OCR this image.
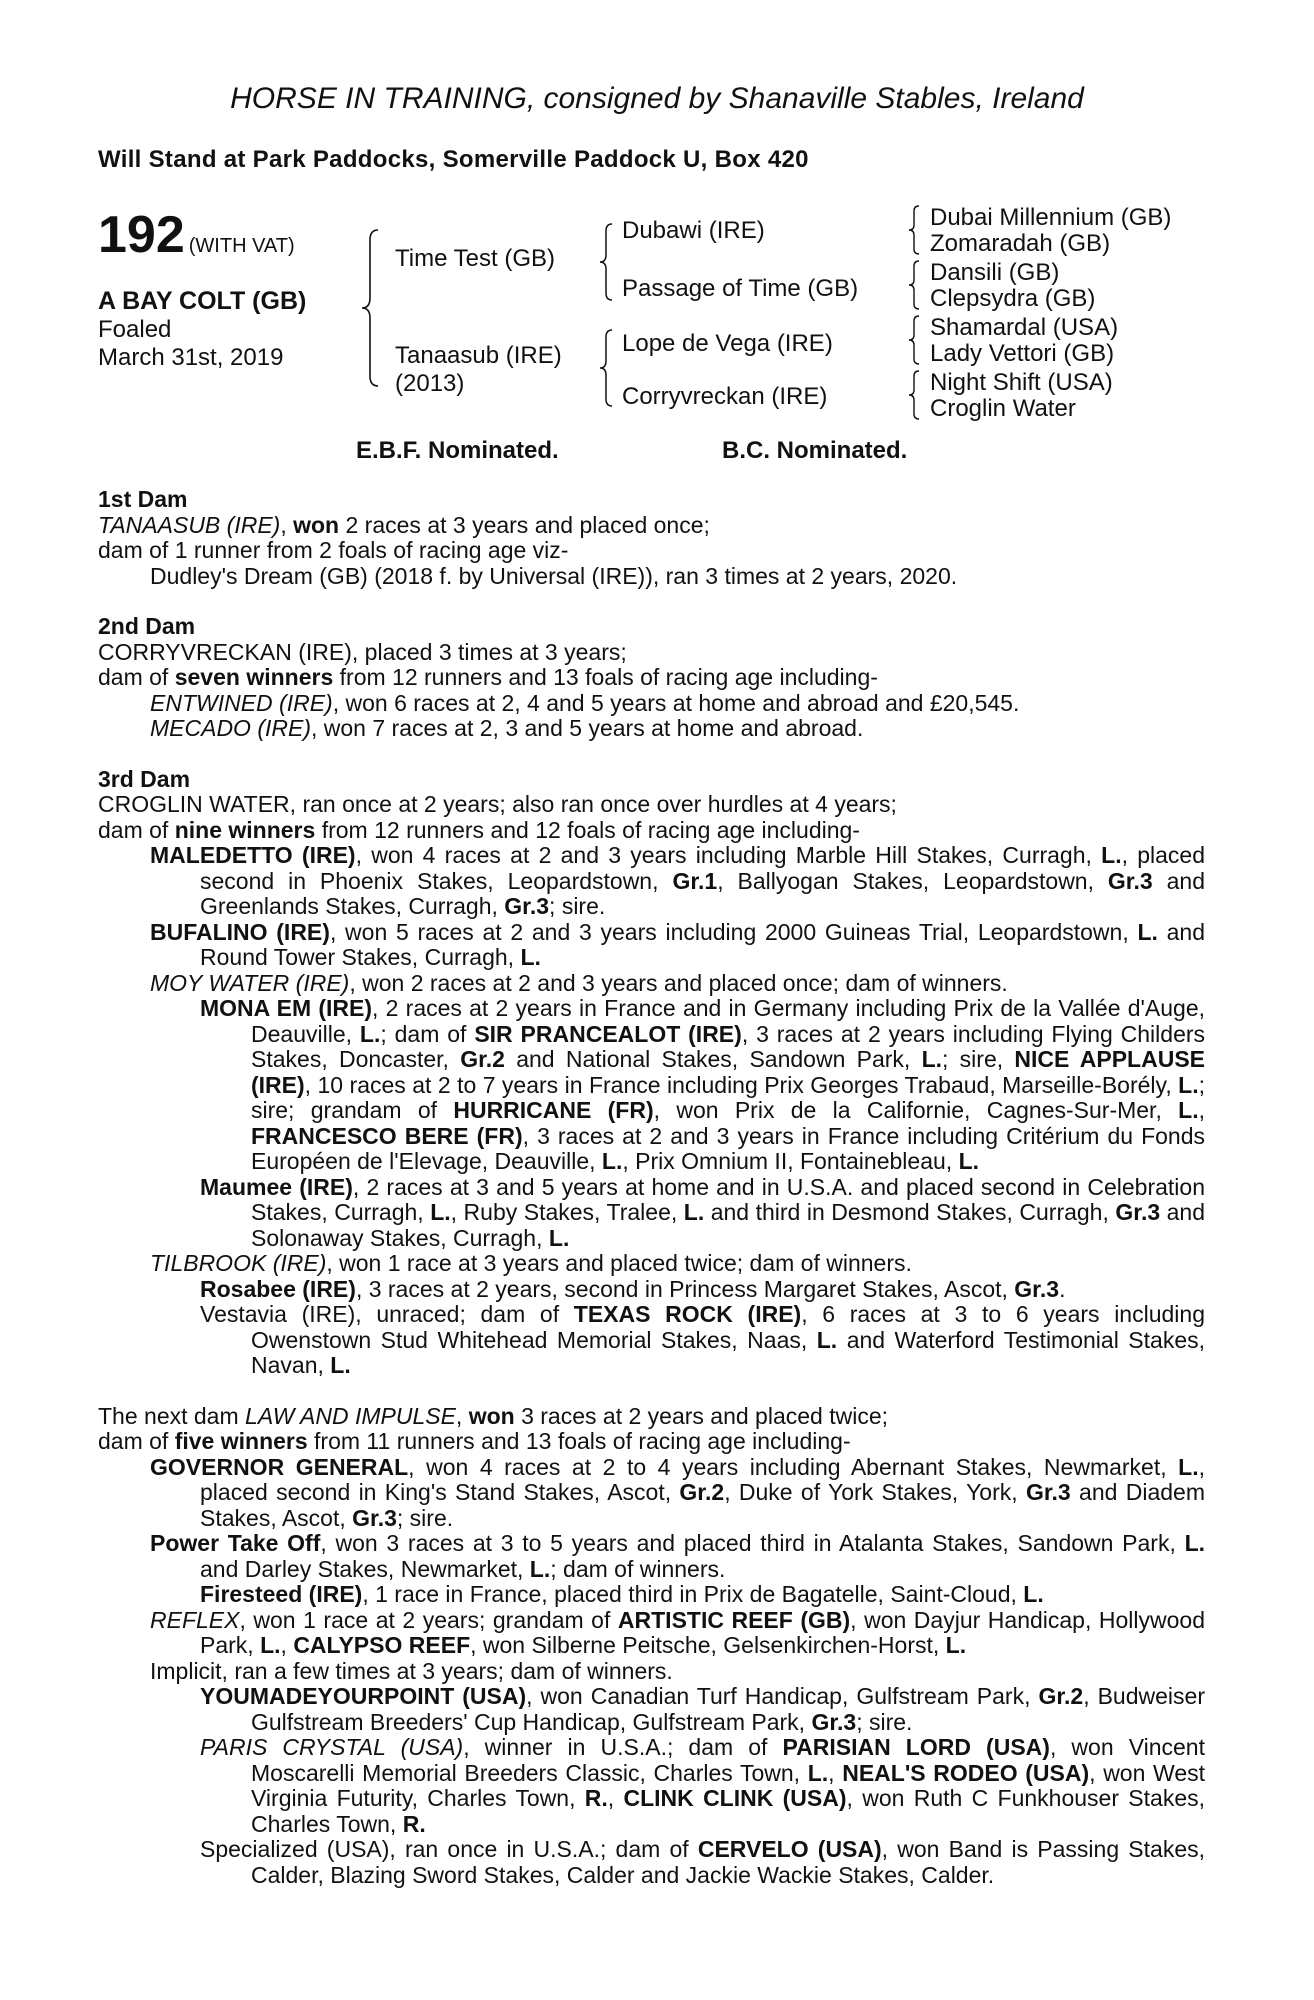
HORSE IN TRAINING, consigned by Shanaville Stables, Ireland
Will Stand at Park Paddocks, Somerville Paddock U, Box 420
192 (WITH VAT)
A BAY COLT (GB)
Foaled
March 31st, 2019
Time Test (GB)
Tanaasub (IRE)
(2013)
Dubawi (IRE)
Passage of Time (GB)
Lope de Vega (IRE)
Corryvreckan (IRE)
Dubai Millennium (GB)
Zomaradah (GB)
Dansili (GB)
Clepsydra (GB)
Shamardal (USA)
Lady Vettori (GB)
Night Shift (USA)
Croglin Water
E.B.F. Nominated.	B.C. Nominated.
1st Dam

TANAASUB (IRE), won 2 races at 3 years and placed once;

dam of 1 runner from 2 foals of racing age viz-

Dudley's Dream (GB) (2018 f. by Universal (IRE)), ran 3 times at 2 years, 2020.

2nd Dam

CORRYVRECKAN (IRE), placed 3 times at 3 years;

dam of seven winners from 12 runners and 13 foals of racing age including-

ENTWINED (IRE), won 6 races at 2, 4 and 5 years at home and abroad and £20,545.

MECADO (IRE), won 7 races at 2, 3 and 5 years at home and abroad.

3rd Dam

CROGLIN WATER, ran once at 2 years; also ran once over hurdles at 4 years;

dam of nine winners from 12 runners and 12 foals of racing age including-

MALEDETTO (IRE), won 4 races at 2 and 3 years including Marble Hill Stakes, Curragh, L., placed second in Phoenix Stakes, Leopardstown, Gr.1, Ballyogan Stakes, Leopardstown, Gr.3 and Greenlands Stakes, Curragh, Gr.3; sire.

BUFALINO (IRE), won 5 races at 2 and 3 years including 2000 Guineas Trial, Leopardstown, L. and Round Tower Stakes, Curragh, L.

MOY WATER (IRE), won 2 races at 2 and 3 years and placed once; dam of winners.

MONA EM (IRE), 2 races at 2 years in France and in Germany including Prix de la Vallée d'Auge, Deauville, L.; dam of SIR PRANCEALOT (IRE), 3 races at 2 years including Flying Childers Stakes, Doncaster, Gr.2 and National Stakes, Sandown Park, L.; sire, NICE APPLAUSE (IRE), 10 races at 2 to 7 years in France including Prix Georges Trabaud, Marseille-Borély, L.; sire; grandam of HURRICANE (FR), won Prix de la Californie, Cagnes-Sur-Mer, L., FRANCESCO BERE (FR), 3 races at 2 and 3 years in France including Critérium du Fonds Européen de l'Elevage, Deauville, L., Prix Omnium II, Fontainebleau, L.

Maumee (IRE), 2 races at 3 and 5 years at home and in U.S.A. and placed second in Celebration Stakes, Curragh, L., Ruby Stakes, Tralee, L. and third in Desmond Stakes, Curragh, Gr.3 and Solonaway Stakes, Curragh, L.

TILBROOK (IRE), won 1 race at 3 years and placed twice; dam of winners.

Rosabee (IRE), 3 races at 2 years, second in Princess Margaret Stakes, Ascot, Gr.3.

Vestavia (IRE), unraced; dam of TEXAS ROCK (IRE), 6 races at 3 to 6 years including Owenstown Stud Whitehead Memorial Stakes, Naas, L. and Waterford Testimonial Stakes, Navan, L.

The next dam LAW AND IMPULSE, won 3 races at 2 years and placed twice;

dam of five winners from 11 runners and 13 foals of racing age including-

GOVERNOR GENERAL, won 4 races at 2 to 4 years including Abernant Stakes, Newmarket, L., placed second in King's Stand Stakes, Ascot, Gr.2, Duke of York Stakes, York, Gr.3 and Diadem Stakes, Ascot, Gr.3; sire.

Power Take Off, won 3 races at 3 to 5 years and placed third in Atalanta Stakes, Sandown Park, L. and Darley Stakes, Newmarket, L.; dam of winners.

Firesteed (IRE), 1 race in France, placed third in Prix de Bagatelle, Saint-Cloud, L.

REFLEX, won 1 race at 2 years; grandam of ARTISTIC REEF (GB), won Dayjur Handicap, Hollywood Park, L., CALYPSO REEF, won Silberne Peitsche, Gelsenkirchen-Horst, L.

Implicit, ran a few times at 3 years; dam of winners.

YOUMADEYOURPOINT (USA), won Canadian Turf Handicap, Gulfstream Park, Gr.2, Budweiser Gulfstream Breeders' Cup Handicap, Gulfstream Park, Gr.3; sire.

PARIS CRYSTAL (USA), winner in U.S.A.; dam of PARISIAN LORD (USA), won Vincent Moscarelli Memorial Breeders Classic, Charles Town, L., NEAL'S RODEO (USA), won West Virginia Futurity, Charles Town, R., CLINK CLINK (USA), won Ruth C Funkhouser Stakes, Charles Town, R.

Specialized (USA), ran once in U.S.A.; dam of CERVELO (USA), won Band is Passing Stakes, Calder, Blazing Sword Stakes, Calder and Jackie Wackie Stakes, Calder.
